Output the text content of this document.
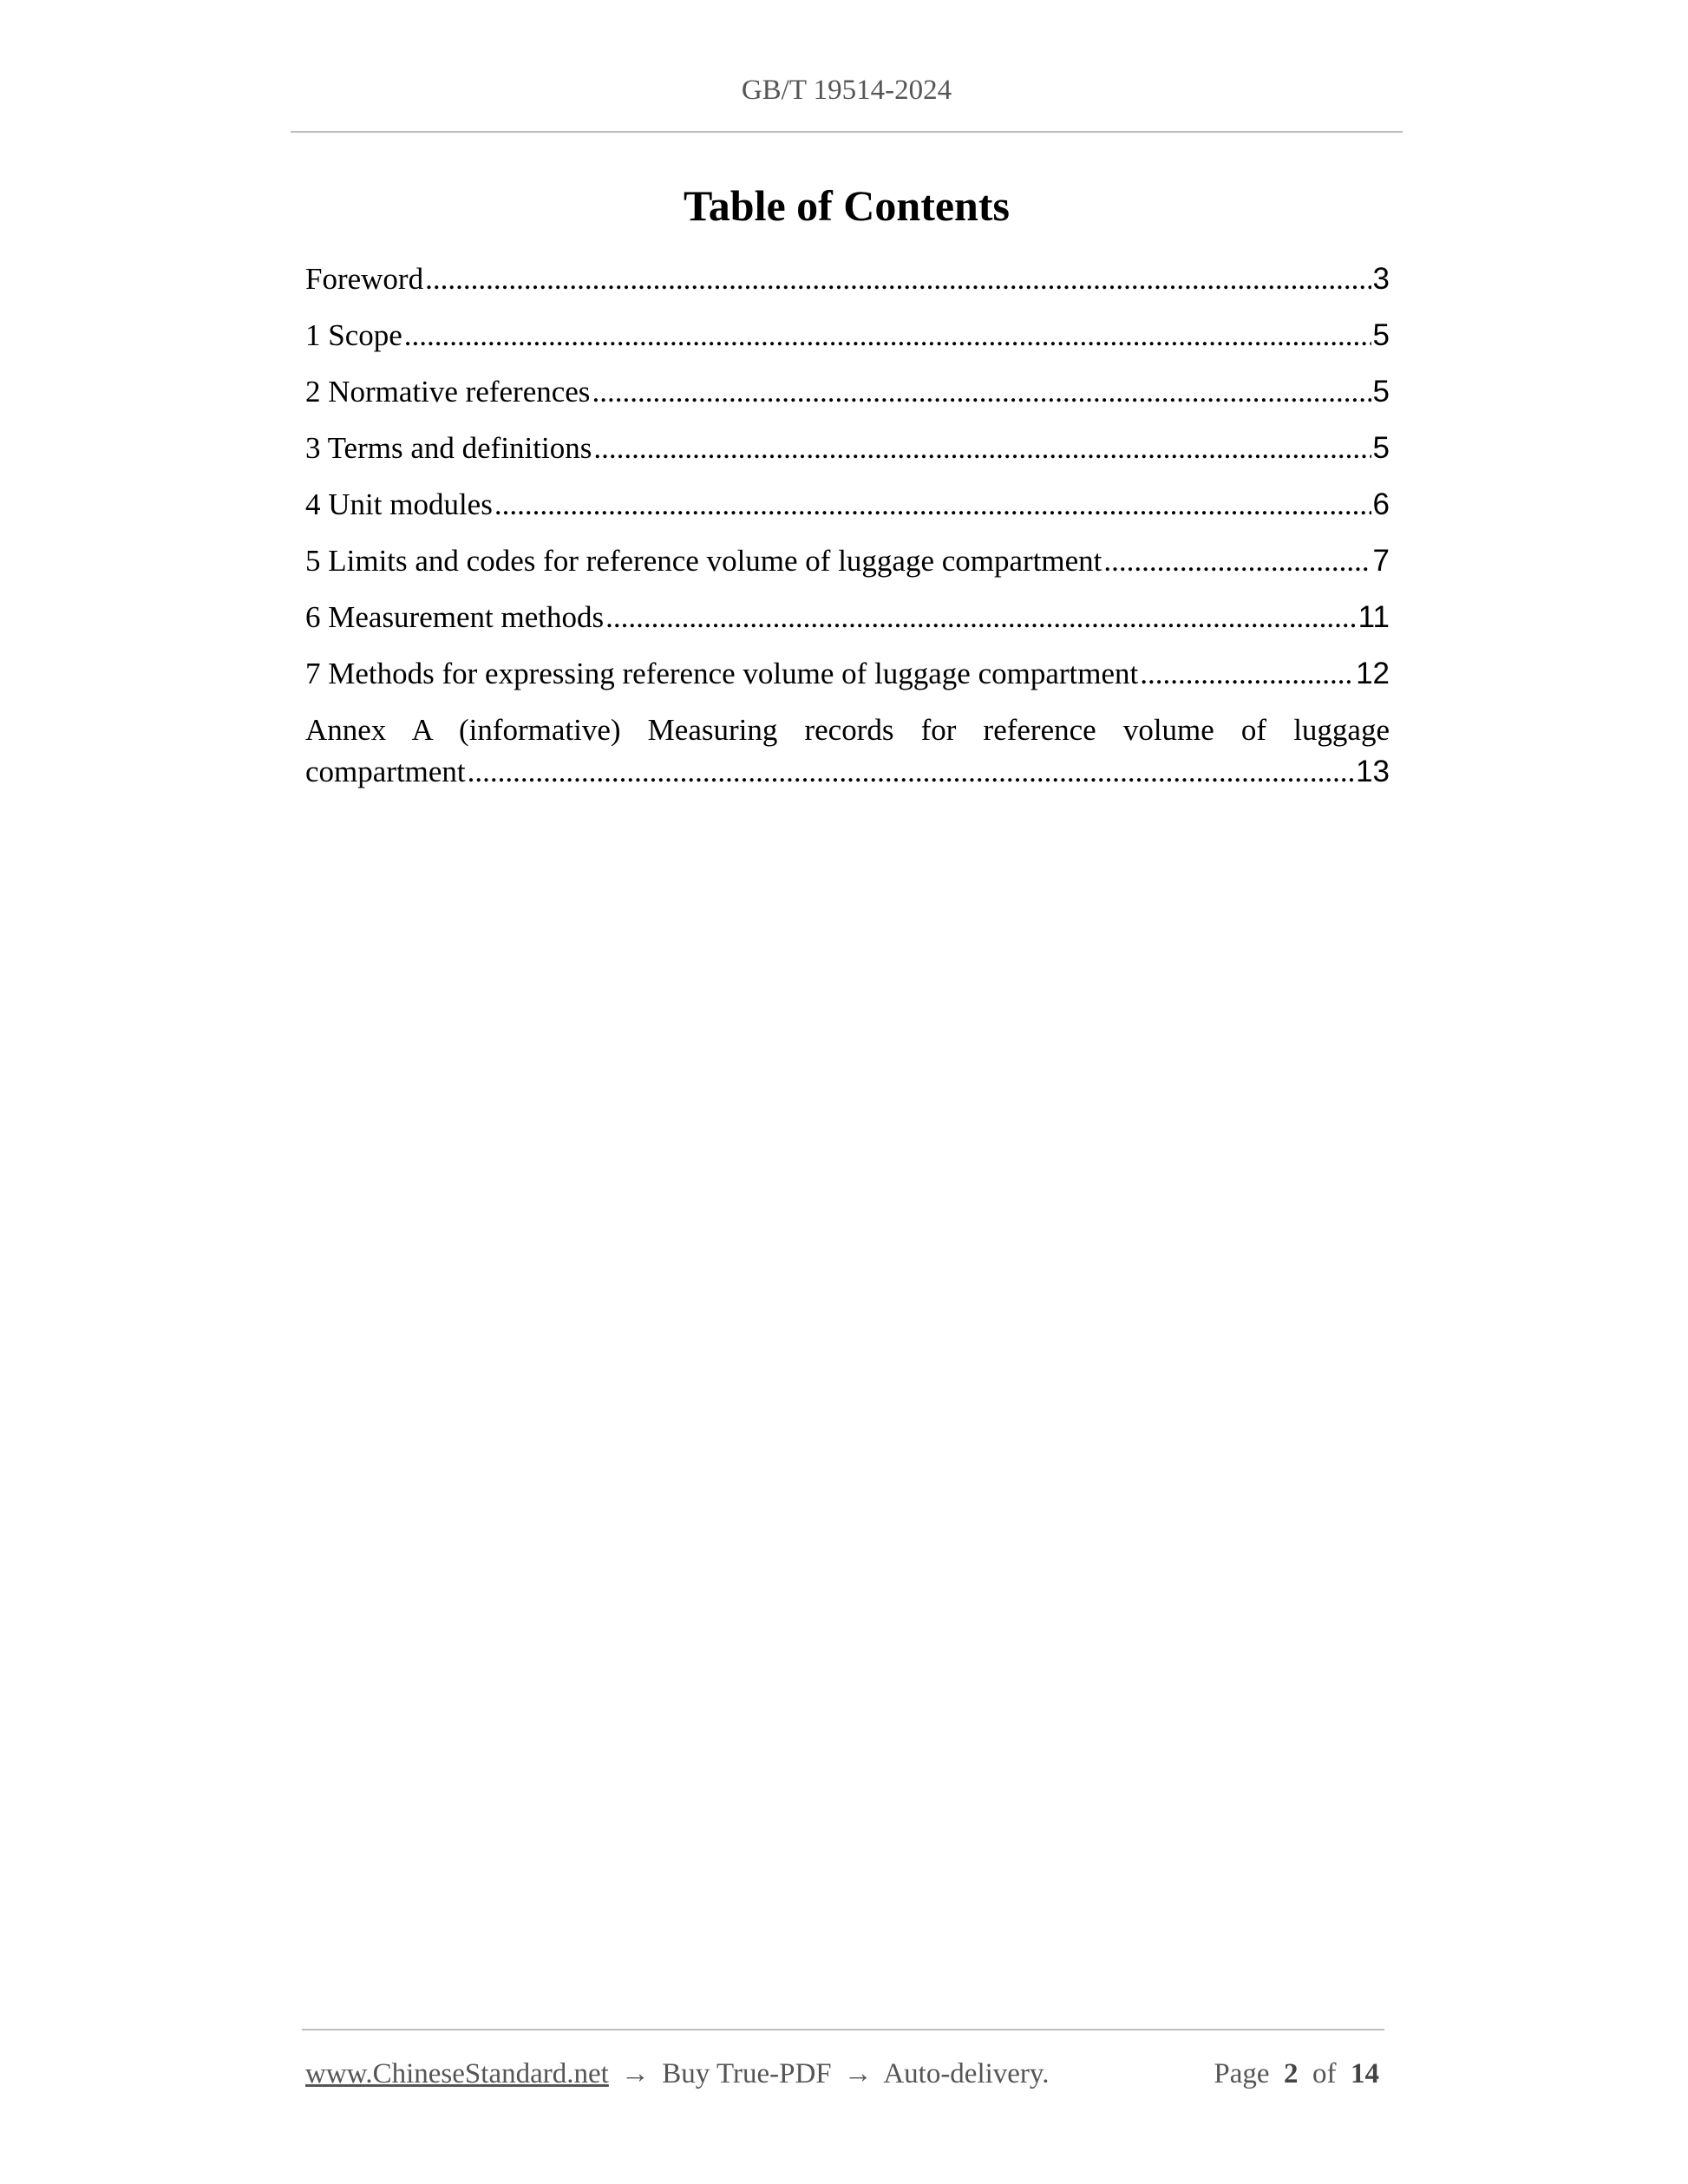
GB/T 19514-2024
Table of Contents
Foreword .....	3
1 Scope .....	5
2 Normative references .....	5
3 Terms and definitions .....	5
4 Unit modules .....	6
5 Limits and codes for reference volume of luggage compartment .....	7
6 Measurement methods .....	11
7 Methods for expressing reference volume of luggage compartment .....	12
Annex A (informative) Measuring records for reference volume of luggage
compartment .....	13
www.ChineseStandard.net → Buy True-PDF → Auto-delivery.	Page 2 of 14
